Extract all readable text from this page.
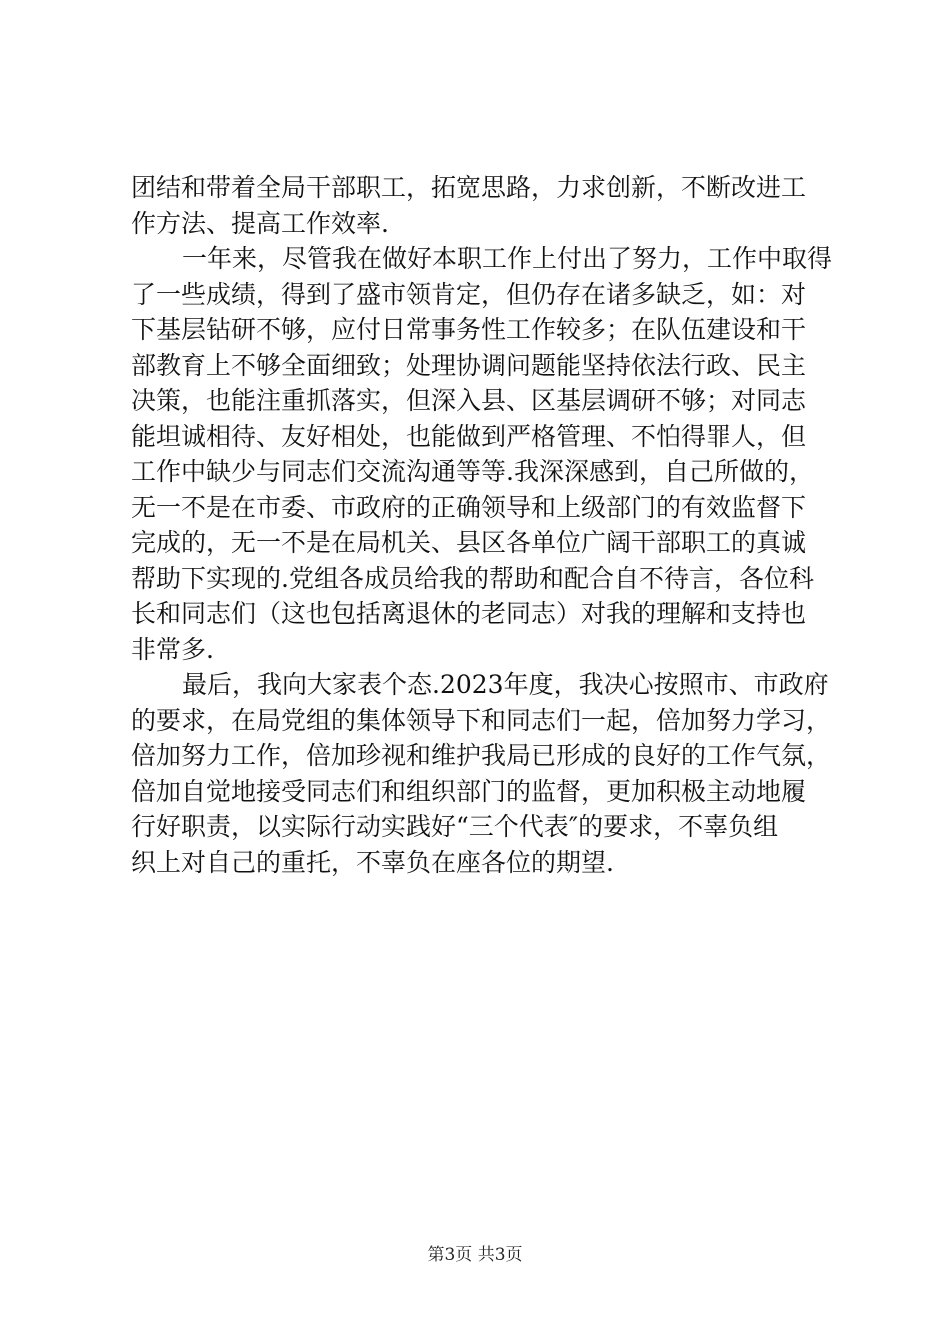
团结和带着全局干部职工，拓宽思路，力求创新，不断改进工
作方法、提高工作效率.
一年来，尽管我在做好本职工作上付出了努力，工作中取得
了一些成绩，得到了盛市领肯定，但仍存在诸多缺乏，如：对
下基层钻研不够，应付日常事务性工作较多；在队伍建设和干
部教育上不够全面细致；处理协调问题能坚持依法行政、民主
决策，也能注重抓落实，但深入县、区基层调研不够；对同志
能坦诚相待、友好相处，也能做到严格管理、不怕得罪人，但
工作中缺少与同志们交流沟通等等.我深深感到，自己所做的，
无一不是在市委、市政府的正确领导和上级部门的有效监督下
完成的，无一不是在局机关、县区各单位广阔干部职工的真诚
帮助下实现的.党组各成员给我的帮助和配合自不待言，各位科
长和同志们（这也包括离退休的老同志）对我的理解和支持也
非常多.
最后，我向大家表个态.2023年度，我决心按照市、市政府
的要求，在局党组的集体领导下和同志们一起，倍加努力学习，
倍加努力工作，倍加珍视和维护我局已形成的良好的工作气氛，
倍加自觉地接受同志们和组织部门的监督，更加积极主动地履
行好职责，以实际行动实践好“三个代表″的要求，不辜负组
织上对自己的重托，不辜负在座各位的期望.
第3页 共3页
